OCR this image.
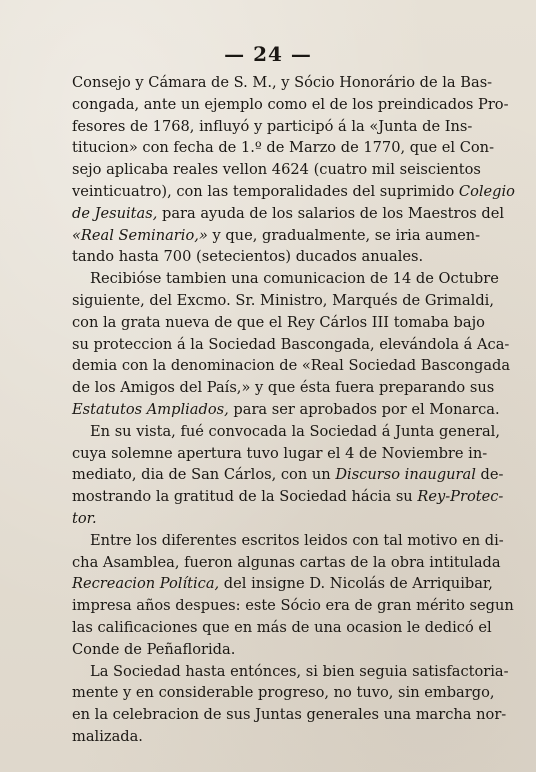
— 24 —
Consejo y Cámara de S. M., y Sócio Honorário de la Bas-
congada, ante un ejemplo como el de los preindicados Pro-
fesores de 1768, influyó y participó á la «Junta de Ins-
titucion» con fecha de 1.º de Marzo de 1770, que el Con-
sejo aplicaba reales vellon 4624 (cuatro mil seiscientos
veinticuatro), con las temporalidades del suprimido Colegio
de Jesuitas, para ayuda de los salarios de los Maestros del
«Real Seminario,» y que, gradualmente, se iria aumen-
tando hasta 700 (setecientos) ducados anuales.
Recibióse tambien una comunicacion de 14 de Octubre
siguiente, del Excmo. Sr. Ministro, Marqués de Grimaldi,
con la grata nueva de que el Rey Cárlos III tomaba bajo
su proteccion á la Sociedad Bascongada, elevándola á Aca-
demia con la denominacion de «Real Sociedad Bascongada
de los Amigos del País,» y que ésta fuera preparando sus
Estatutos Ampliados, para ser aprobados por el Monarca.
En su vista, fué convocada la Sociedad á Junta general,
cuya solemne apertura tuvo lugar el 4 de Noviembre in-
mediato, dia de San Cárlos, con un Discurso inaugural de-
mostrando la gratitud de la Sociedad hácia su Rey-Protec-
tor.
Entre los diferentes escritos leidos con tal motivo en di-
cha Asamblea, fueron algunas cartas de la obra intitulada
Recreacion Política, del insigne D. Nicolás de Arriquibar,
impresa años despues: este Sócio era de gran mérito segun
las calificaciones que en más de una ocasion le dedicó el
Conde de Peñaflorida.
La Sociedad hasta entónces, si bien seguia satisfactoria-
mente y en considerable progreso, no tuvo, sin embargo,
en la celebracion de sus Juntas generales una marcha nor-
malizada.
